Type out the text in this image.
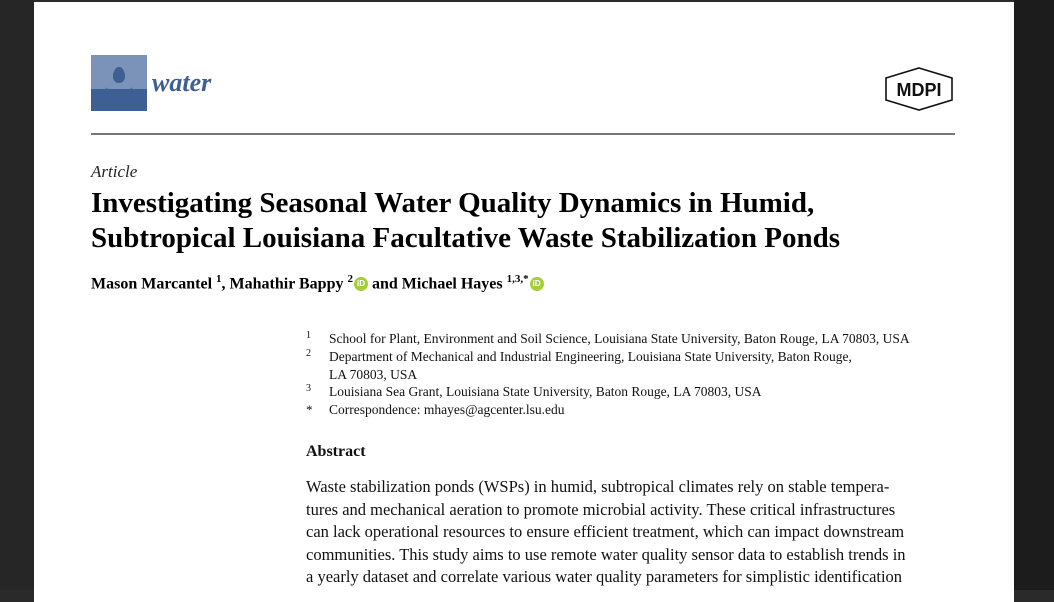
water	MDPI
Article
Investigating Seasonal Water Quality Dynamics in Humid,
Subtropical Louisiana Facultative Waste Stabilization Ponds
Mason Marcantel $^1$, Mahathir Bappy $^2$ iD and Michael Hayes $^{1,3,*}$ iD
1 School for Plant, Environment and Soil Science, Louisiana State University, Baton Rouge, LA 70803, USA
2 Department of Mechanical and Industrial Engineering, Louisiana State University, Baton Rouge,
LA 70803, USA
3 Louisiana Sea Grant, Louisiana State University, Baton Rouge, LA 70803, USA
* Correspondence: mhayes@agcenter.lsu.edu
Abstract
Waste stabilization ponds (WSPs) in humid, subtropical climates rely on stable tempera-
tures and mechanical aeration to promote microbial activity. These critical infrastructures
can lack operational resources to ensure efficient treatment, which can impact downstream
communities. This study aims to use remote water quality sensor data to establish trends in
a yearly dataset and correlate various water quality parameters for simplistic identification
